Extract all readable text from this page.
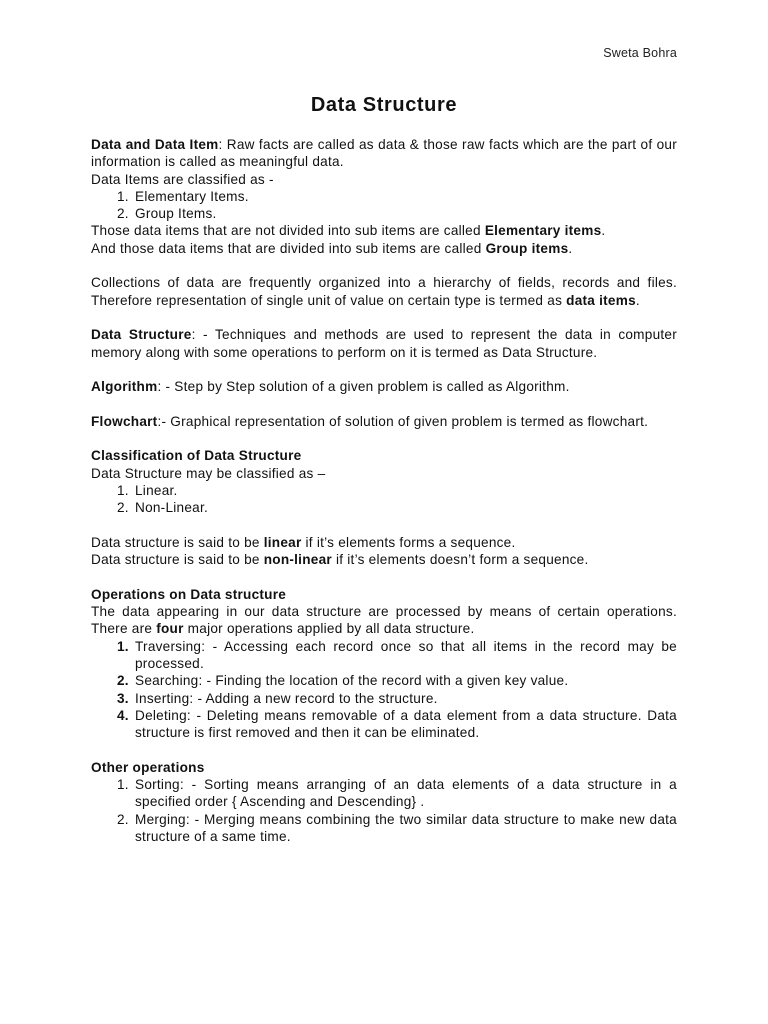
Sweta Bohra
Data Structure

Data and Data Item: Raw facts are called as data & those raw facts which are the part of our information is called as meaningful data.

Data Items are classified as -

1. Elementary Items.
2. Group Items.

Those data items that are not divided into sub items are called Elementary items.

And those data items that are divided into sub items are called Group items.

Collections of data are frequently organized into a hierarchy of fields, records and files. Therefore representation of single unit of value on certain type is termed as data items.

Data Structure: - Techniques and methods are used to represent the data in computer memory along with some operations to perform on it is termed as Data Structure.

Algorithm: - Step by Step solution of a given problem is called as Algorithm.

Flowchart:- Graphical representation of solution of given problem is termed as flowchart.

Classification of Data Structure

Data Structure may be classified as –

1. Linear.
2. Non-Linear.

Data structure is said to be linear if it’s elements forms a sequence.

Data structure is said to be non-linear if it’s elements doesn’t form a sequence.

Operations on Data structure

The data appearing in our data structure are processed by means of certain operations. There are four major operations applied by all data structure.

1. Traversing: - Accessing each record once so that all items in the record may be processed.
2. Searching: - Finding the location of the record with a given key value.
3. Inserting: - Adding a new record to the structure.
4. Deleting: - Deleting means removable of a data element from a data structure. Data structure is first removed and then it can be eliminated.

Other operations

1. Sorting: - Sorting means arranging of an data elements of a data structure in a specified order { Ascending and Descending} .
2. Merging: - Merging means combining the two similar data structure to make new data structure of a same time.
